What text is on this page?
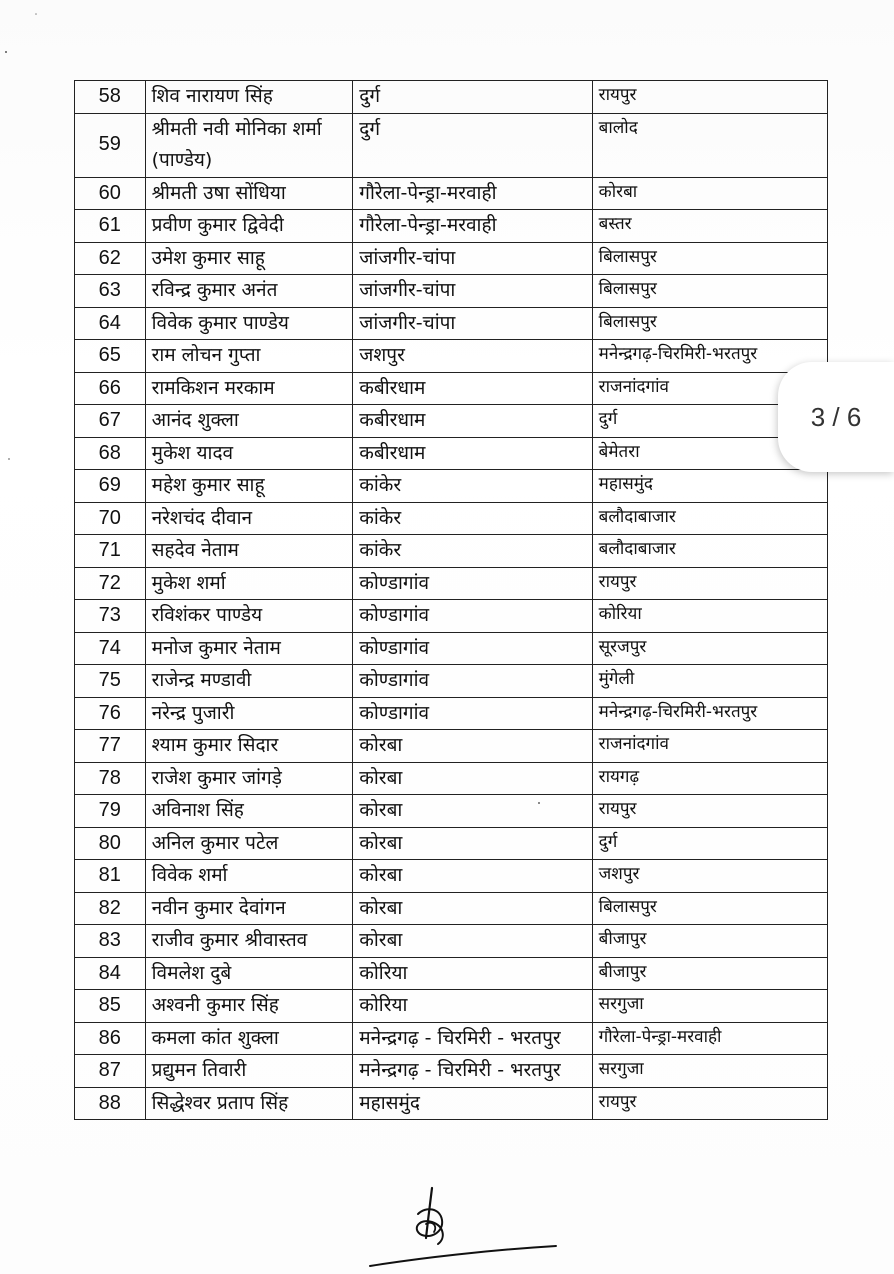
58	शिव नारायण सिंह	दुर्ग	रायपुर
59	श्रीमती नवी मोनिका शर्मा (पाण्डेय)	दुर्ग	बालोद
60	श्रीमती उषा सोंधिया	गौरेला-पेन्ड्रा-मरवाही	कोरबा
61	प्रवीण कुमार द्विवेदी	गौरेला-पेन्ड्रा-मरवाही	बस्तर
62	उमेश कुमार साहू	जांजगीर-चांपा	बिलासपुर
63	रविन्द्र कुमार अनंत	जांजगीर-चांपा	बिलासपुर
64	विवेक कुमार पाण्डेय	जांजगीर-चांपा	बिलासपुर
65	राम लोचन गुप्ता	जशपुर	मनेन्द्रगढ़-चिरमिरी-भरतपुर
66	रामकिशन मरकाम	कबीरधाम	राजनांदगांव
67	आनंद शुक्ला	कबीरधाम	दुर्ग
68	मुकेश यादव	कबीरधाम	बेमेतरा
69	महेश कुमार साहू	कांकेर	महासमुंद
70	नरेशचंद दीवान	कांकेर	बलौदाबाजार
71	सहदेव नेताम	कांकेर	बलौदाबाजार
72	मुकेश शर्मा	कोण्डागांव	रायपुर
73	रविशंकर पाण्डेय	कोण्डागांव	कोरिया
74	मनोज कुमार नेताम	कोण्डागांव	सूरजपुर
75	राजेन्द्र मण्डावी	कोण्डागांव	मुंगेली
76	नरेन्द्र पुजारी	कोण्डागांव	मनेन्द्रगढ़-चिरमिरी-भरतपुर
77	श्याम कुमार सिदार	कोरबा	राजनांदगांव
78	राजेश कुमार जांगड़े	कोरबा	रायगढ़
79	अविनाश सिंह	कोरबा	रायपुर
80	अनिल कुमार पटेल	कोरबा	दुर्ग
81	विवेक शर्मा	कोरबा	जशपुर
82	नवीन कुमार देवांगन	कोरबा	बिलासपुर
83	राजीव कुमार श्रीवास्तव	कोरबा	बीजापुर
84	विमलेश दुबे	कोरिया	बीजापुर
85	अश्वनी कुमार सिंह	कोरिया	सरगुजा
86	कमला कांत शुक्ला	मनेन्द्रगढ़ - चिरमिरी - भरतपुर	गौरेला-पेन्ड्रा-मरवाही
87	प्रद्युमन तिवारी	मनेन्द्रगढ़ - चिरमिरी - भरतपुर	सरगुजा
88	सिद्धेश्वर प्रताप सिंह	महासमुंद	रायपुर
3 / 6
